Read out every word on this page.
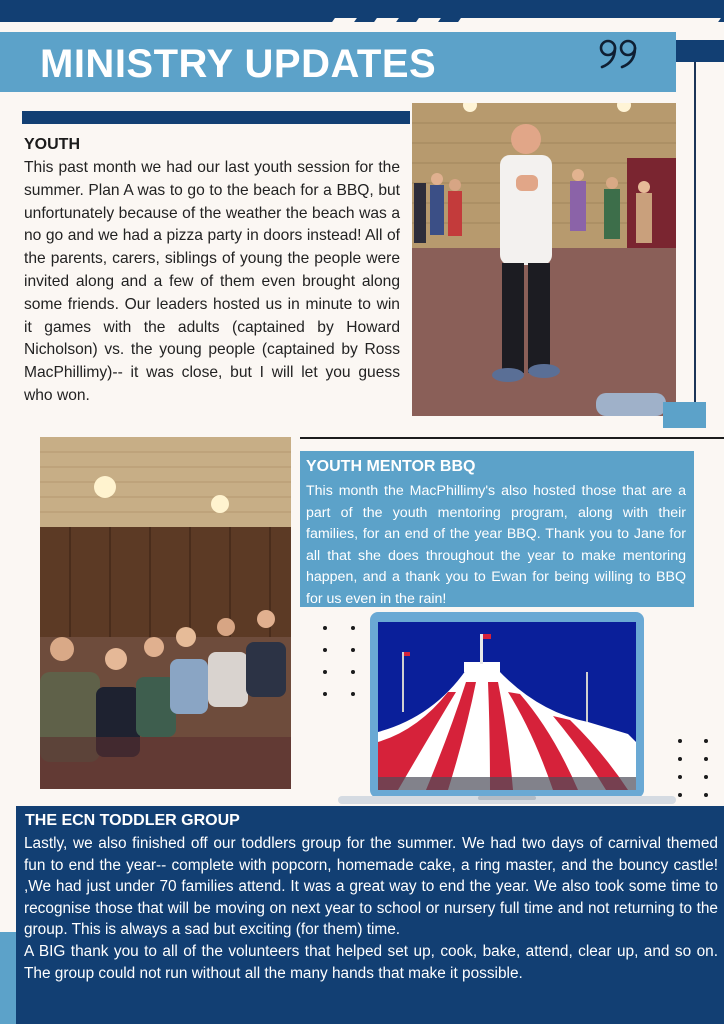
MINISTRY UPDATES
YOUTH
This past month we had our last youth session for the summer. Plan A was to go to the beach for a BBQ, but unfortunately because of the weather the beach was a no go and we had a pizza party in doors instead! All of the parents, carers, siblings of young the people were invited along and a few of them even brought along some friends. Our leaders hosted us in minute to win it games with the adults (captained by Howard Nicholson) vs. the young people (captained by Ross MacPhillimy)-- it was close, but I will let you guess who won.
YOUTH MENTOR BBQ
This month the MacPhillimy's also hosted those that are a part of the youth mentoring program, along with their families, for an end of the year BBQ. Thank you to Jane for all that she does throughout the year to make mentoring happen, and a thank you to Ewan for being willing to BBQ for us even in the rain!
THE ECN TODDLER GROUP

Lastly, we also finished off our toddlers group for the summer. We had two days of carnival themed fun to end the year-- complete with popcorn, homemade cake, a ring master, and the bouncy castle! ,We had just under 70 families attend. It was a great way to end the year. We also took some time to recognise those that will be moving on next year to school or nursery full time and not returning to the group. This is always a sad but exciting (for them) time.

A BIG thank you to all of the volunteers that helped set up, cook, bake, attend, clear up, and so on. The group could not run without all the many hands that make it possible.
